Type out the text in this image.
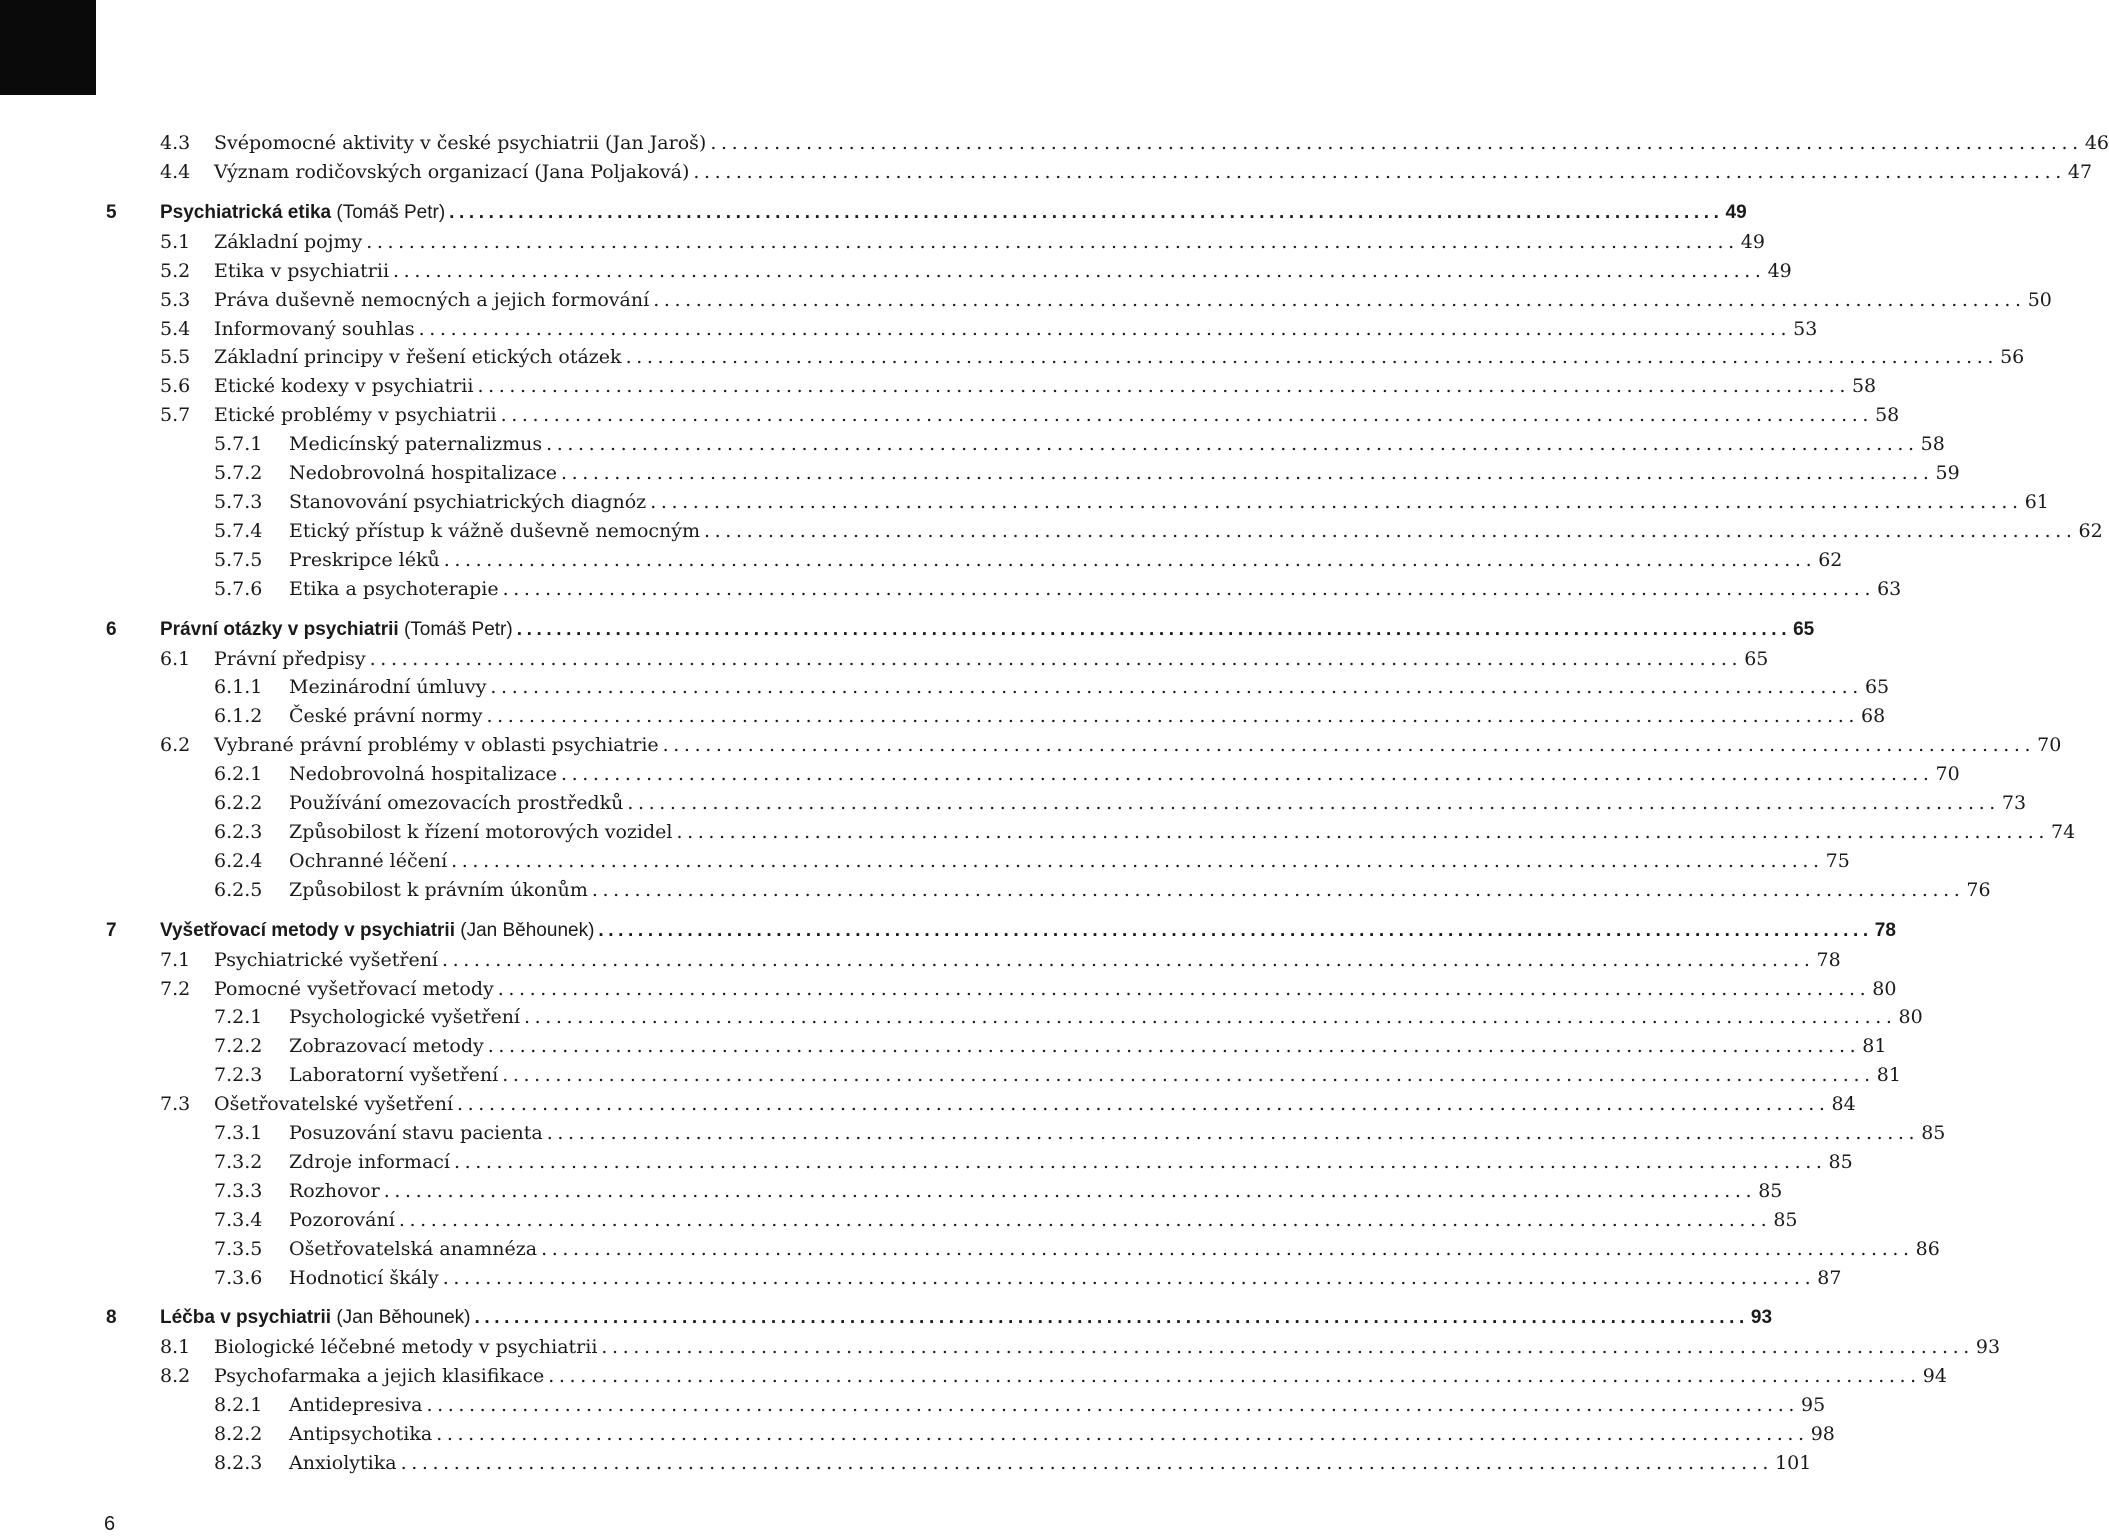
4.3 Svépomocné aktivity v české psychiatrii (Jan Jaroš) ................................................................................................................................. 46
4.4 Význam rodičovských organizací (Jana Poljaková) ................................................................................................................................. 47
5 Psychiatrická etika (Tomáš Petr) ................................................................................................................................. 49
5.1 Základní pojmy ................................................................................................................................. 49
5.2 Etika v psychiatrii ................................................................................................................................. 49
5.3 Práva duševně nemocných a jejich formování ................................................................................................................................. 50
5.4 Informovaný souhlas ................................................................................................................................. 53
5.5 Základní principy v řešení etických otázek ................................................................................................................................. 56
5.6 Etické kodexy v psychiatrii ................................................................................................................................. 58
5.7 Etické problémy v psychiatrii ................................................................................................................................. 58
5.7.1 Medicínský paternalizmus ................................................................................................................................. 58
5.7.2 Nedobrovolná hospitalizace ................................................................................................................................. 59
5.7.3 Stanovování psychiatrických diagnóz ................................................................................................................................. 61
5.7.4 Etický přístup k vážně duševně nemocným ................................................................................................................................. 62
5.7.5 Preskripce léků ................................................................................................................................. 62
5.7.6 Etika a psychoterapie ................................................................................................................................. 63
6 Právní otázky v psychiatrii (Tomáš Petr) ................................................................................................................................. 65
6.1 Právní předpisy ................................................................................................................................. 65
6.1.1 Mezinárodní úmluvy ................................................................................................................................. 65
6.1.2 České právní normy ................................................................................................................................. 68
6.2 Vybrané právní problémy v oblasti psychiatrie ................................................................................................................................. 70
6.2.1 Nedobrovolná hospitalizace ................................................................................................................................. 70
6.2.2 Používání omezovacích prostředků ................................................................................................................................. 73
6.2.3 Způsobilost k řízení motorových vozidel ................................................................................................................................. 74
6.2.4 Ochranné léčení ................................................................................................................................. 75
6.2.5 Způsobilost k právním úkonům ................................................................................................................................. 76
7 Vyšetřovací metody v psychiatrii (Jan Běhounek) ................................................................................................................................. 78
7.1 Psychiatrické vyšetření ................................................................................................................................. 78
7.2 Pomocné vyšetřovací metody ................................................................................................................................. 80
7.2.1 Psychologické vyšetření ................................................................................................................................. 80
7.2.2 Zobrazovací metody ................................................................................................................................. 81
7.2.3 Laboratorní vyšetření ................................................................................................................................. 81
7.3 Ošetřovatelské vyšetření ................................................................................................................................. 84
7.3.1 Posuzování stavu pacienta ................................................................................................................................. 85
7.3.2 Zdroje informací ................................................................................................................................. 85
7.3.3 Rozhovor ................................................................................................................................. 85
7.3.4 Pozorování ................................................................................................................................. 85
7.3.5 Ošetřovatelská anamnéza ................................................................................................................................. 86
7.3.6 Hodnoticí škály ................................................................................................................................. 87
8 Léčba v psychiatrii (Jan Běhounek) ................................................................................................................................. 93
8.1 Biologické léčebné metody v psychiatrii ................................................................................................................................. 93
8.2 Psychofarmaka a jejich klasifikace ................................................................................................................................. 94
8.2.1 Antidepresiva ................................................................................................................................. 95
8.2.2 Antipsychotika ................................................................................................................................. 98
8.2.3 Anxiolytika ................................................................................................................................. 101
6
